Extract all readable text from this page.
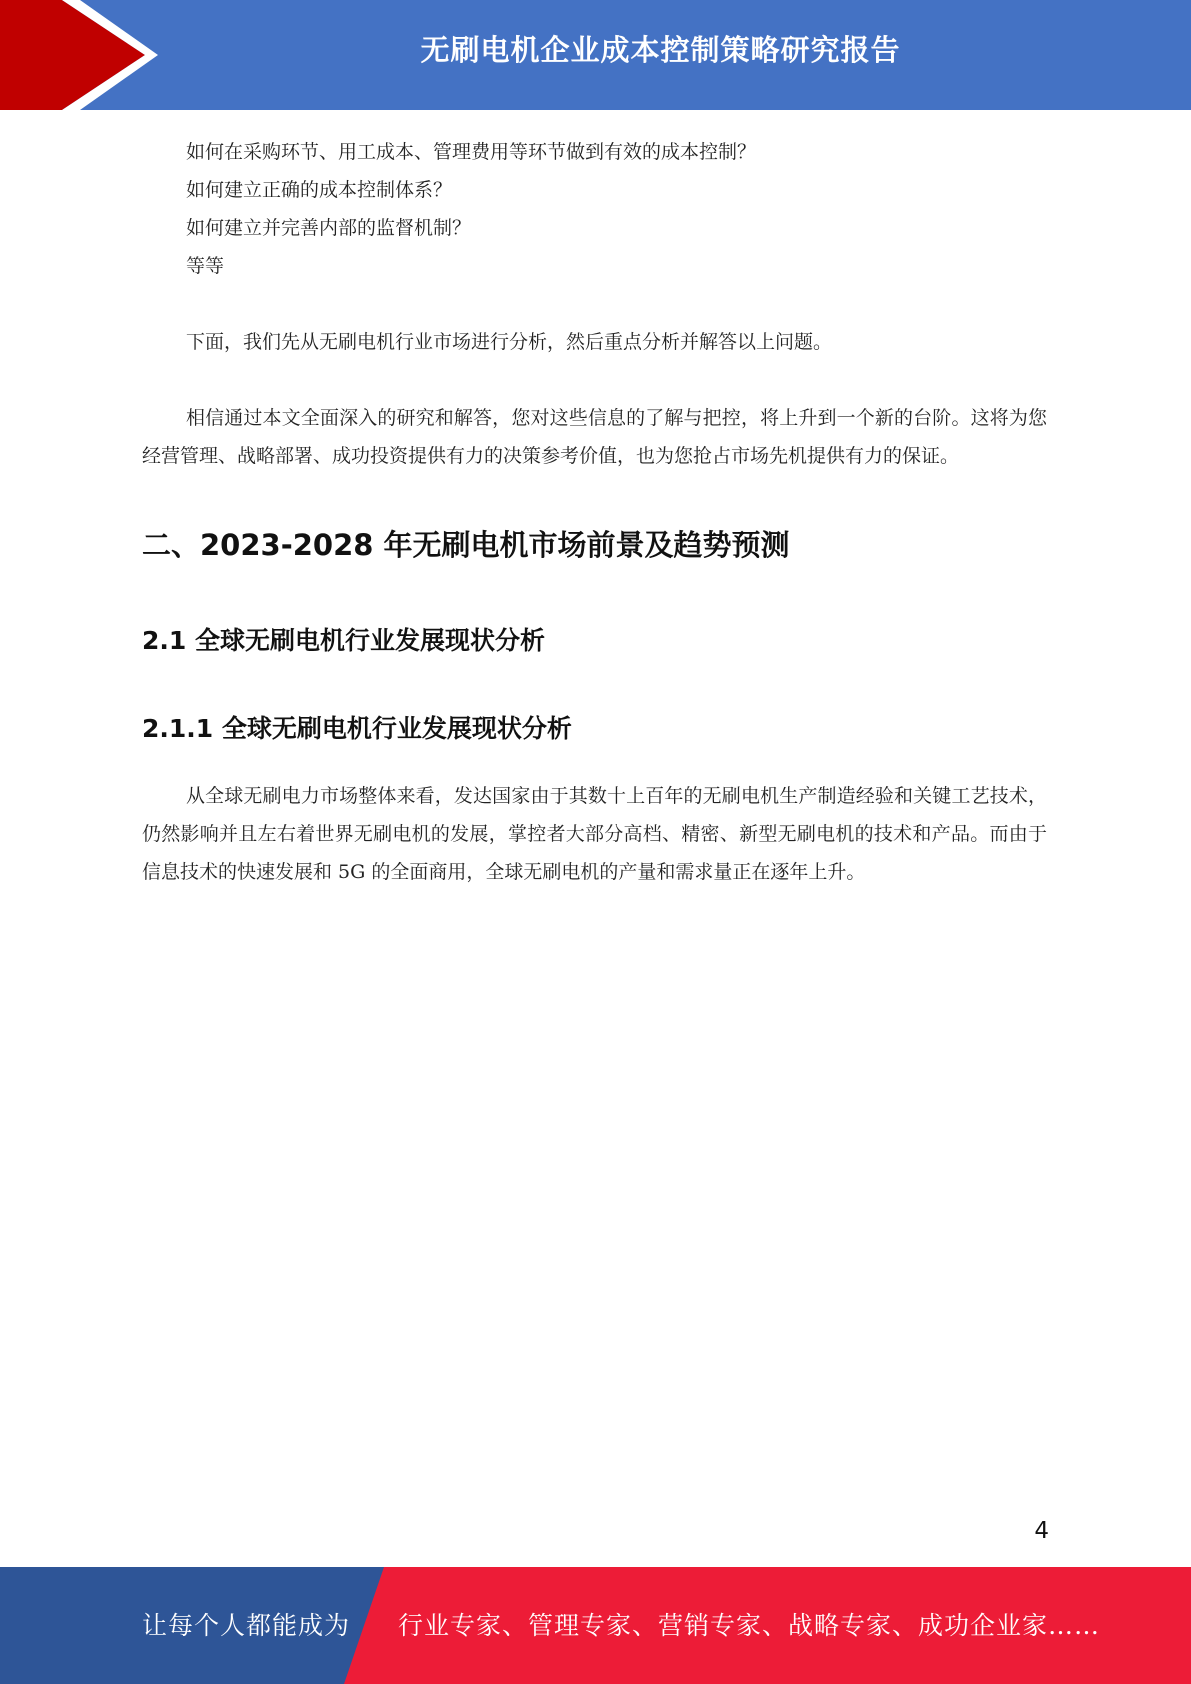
无刷电机企业成本控制策略研究报告

如何在采购环节、用工成本、管理费用等环节做到有效的成本控制？

如何建立正确的成本控制体系？

如何建立并完善内部的监督机制？

等等

下面，我们先从无刷电机行业市场进行分析，然后重点分析并解答以上问题。

相信通过本文全面深入的研究和解答，您对这些信息的了解与把控，将上升到一个新的台阶。这将为您经营管理、战略部署、成功投资提供有力的决策参考价值，也为您抢占市场先机提供有力的保证。

二、2023-2028 年无刷电机市场前景及趋势预测
2.1 全球无刷电机行业发展现状分析
2.1.1 全球无刷电机行业发展现状分析

从全球无刷电力市场整体来看，发达国家由于其数十上百年的无刷电机生产制造经验和关键工艺技术，仍然影响并且左右着世界无刷电机的发展，掌控者大部分高档、精密、新型无刷电机的技术和产品。而由于信息技术的快速发展和 5G 的全面商用，全球无刷电机的产量和需求量正在逐年上升。

4
让每个人都能成为 行业专家、管理专家、营销专家、战略专家、成功企业家……
